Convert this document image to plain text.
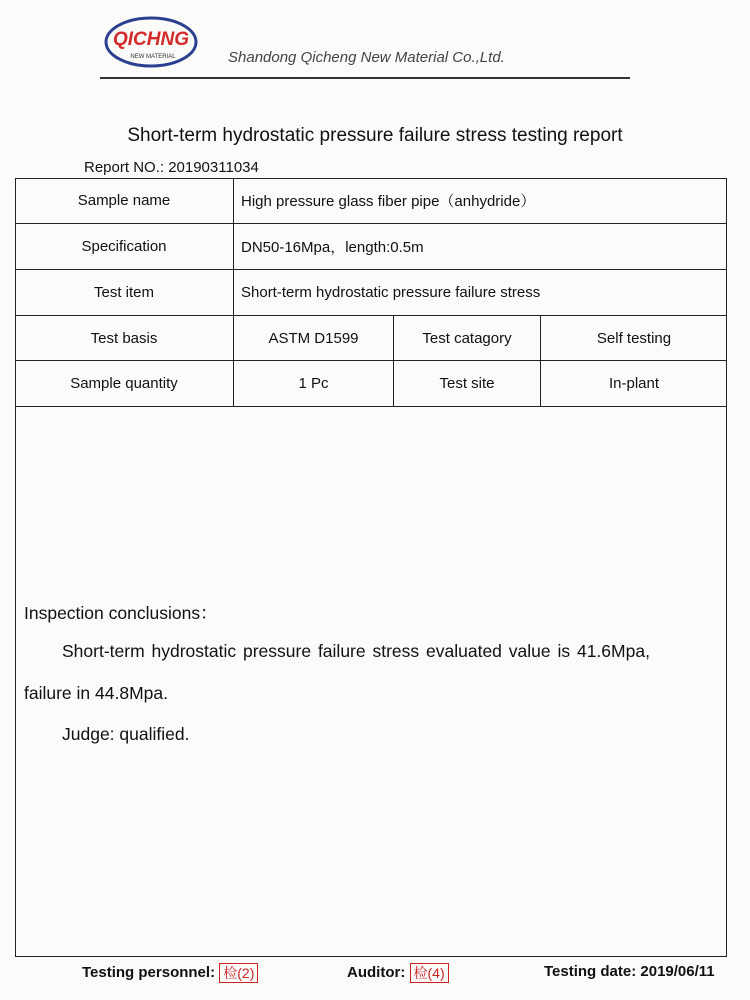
QICHNG
NEW MATERIAL	Shandong Qicheng New Material Co.,Ltd.
Short-term hydrostatic pressure failure stress testing report
Report NO.: 20190311034
Sample name	High pressure glass fiber pipe（anhydride）
Specification	DN50-16Mpa，length:0.5m
Test item	Short-term hydrostatic pressure failure stress
Test basis	ASTM D1599	Test catagory	Self testing
Sample quantity	1 Pc	Test site	In-plant
Inspection conclusions：
Short-term hydrostatic pressure failure stress evaluated value is 41.6Mpa,
failure in 44.8Mpa.
Judge: qualified.
Testing personnel: 检(2)	Auditor: 检(4)	Testing date: 2019/06/11
